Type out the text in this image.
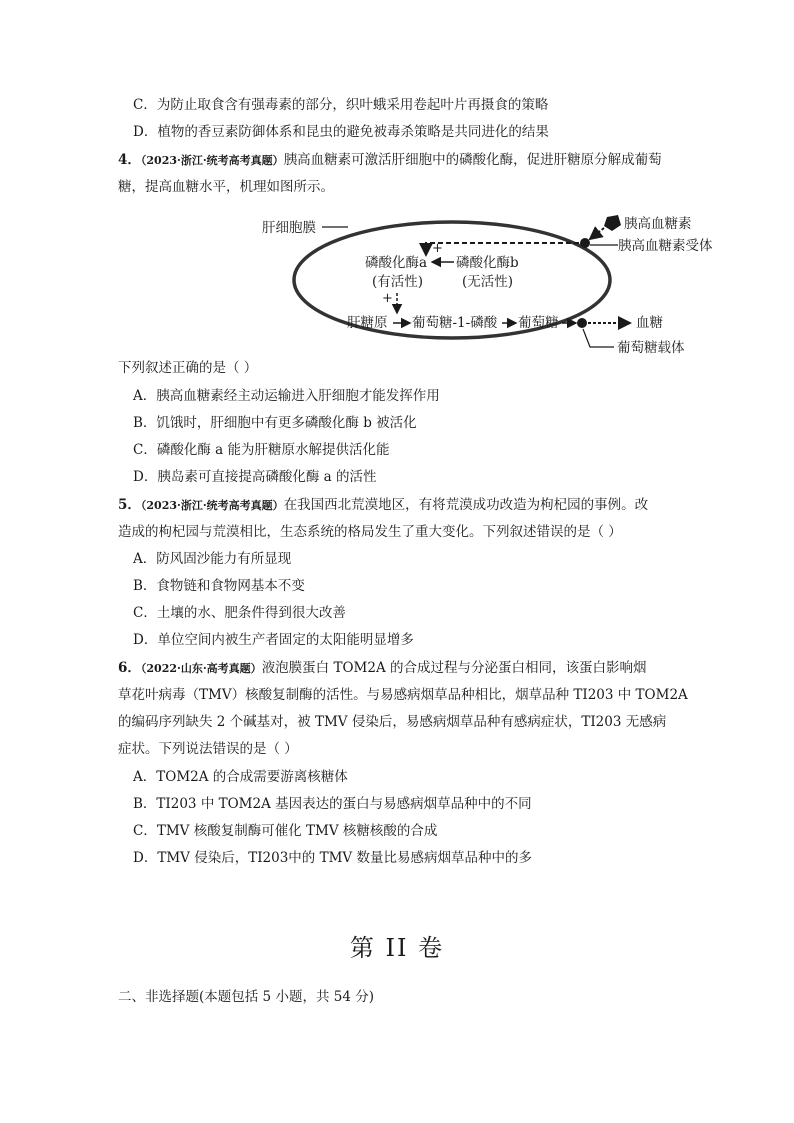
C．为防止取食含有强毒素的部分，织叶蛾采用卷起叶片再摄食的策略
D．植物的香豆素防御体系和昆虫的避免被毒杀策略是共同进化的结果
4．（2023·浙江·统考高考真题）胰高血糖素可激活肝细胞中的磷酸化酶，促进肝糖原分解成葡萄
糖，提高血糖水平，机理如图所示。
肝细胞膜	胰高血糖素
胰高血糖素受体
+
磷酸化酶a
(有活性)
磷酸化酶b
(无活性)
+
肝糖原 葡萄糖-1-磷酸 葡萄糖	血糖
葡萄糖载体
下列叙述正确的是（ ）
A．胰高血糖素经主动运输进入肝细胞才能发挥作用
B．饥饿时，肝细胞中有更多磷酸化酶 b 被活化
C．磷酸化酶 a 能为肝糖原水解提供活化能
D．胰岛素可直接提高磷酸化酶 a 的活性
5．（2023·浙江·统考高考真题）在我国西北荒漠地区，有将荒漠成功改造为枸杞园的事例。改
造成的枸杞园与荒漠相比，生态系统的格局发生了重大变化。下列叙述错误的是（ ）
A．防风固沙能力有所显现
B．食物链和食物网基本不变
C．土壤的水、肥条件得到很大改善
D．单位空间内被生产者固定的太阳能明显增多
6．（2022·山东·高考真题）液泡膜蛋白 TOM2A 的合成过程与分泌蛋白相同，该蛋白影响烟
草花叶病毒（TMV）核酸复制酶的活性。与易感病烟草品种相比，烟草品种 TI203 中 TOM2A
的编码序列缺失 2 个碱基对，被 TMV 侵染后，易感病烟草品种有感病症状，TI203 无感病
症状。下列说法错误的是（ ）
A．TOM2A 的合成需要游离核糖体
B．TI203 中 TOM2A 基因表达的蛋白与易感病烟草品种中的不同
C．TMV 核酸复制酶可催化 TMV 核糖核酸的合成
D．TMV 侵染后，TI203中的 TMV 数量比易感病烟草品种中的多
第 II 卷
二、非选择题(本题包括 5 小题，共 54 分)
